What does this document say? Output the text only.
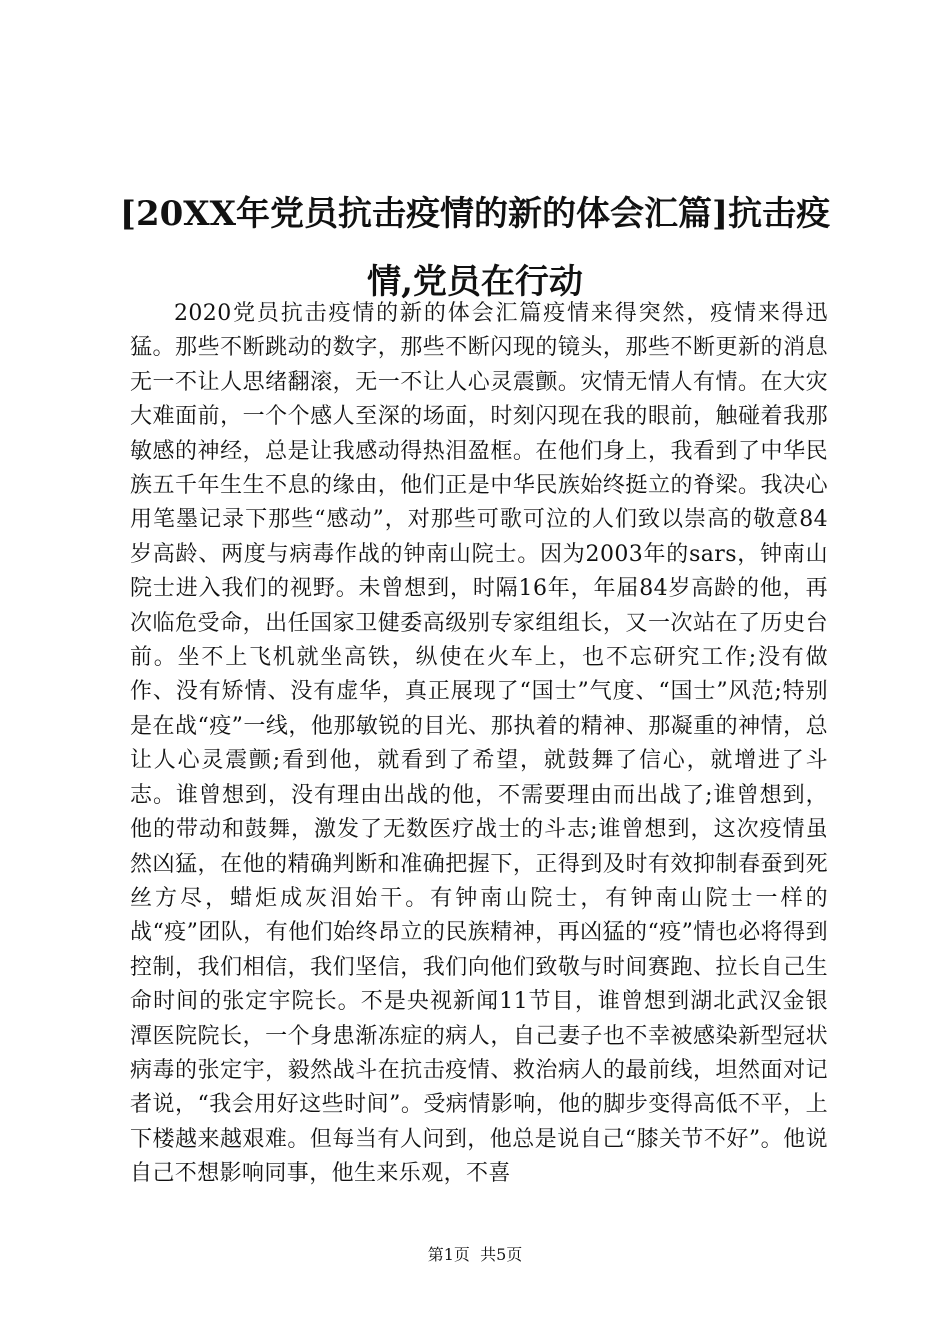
[20XX年党员抗击疫情的新的体会汇篇]抗击疫情,党员在行动

2020党员抗击疫情的新的体会汇篇疫情来得突然，疫情来得迅猛。那些不断跳动的数字，那些不断闪现的镜头，那些不断更新的消息无一不让人思绪翻滚，无一不让人心灵震颤。灾情无情人有情。在大灾大难面前，一个个感人至深的场面，时刻闪现在我的眼前，触碰着我那敏感的神经，总是让我感动得热泪盈框。在他们身上，我看到了中华民族五千年生生不息的缘由，他们正是中华民族始终挺立的脊梁。我决心用笔墨记录下那些“感动”，对那些可歌可泣的人们致以崇高的敬意84岁高龄、两度与病毒作战的钟南山院士。因为2003年的sars，钟南山院士进入我们的视野。未曾想到，时隔16年，年届84岁高龄的他，再次临危受命，出任国家卫健委高级别专家组组长，又一次站在了历史台前。坐不上飞机就坐高铁，纵使在火车上，也不忘研究工作;没有做作、没有矫情、没有虚华，真正展现了“国士”气度、“国士”风范;特别是在战“疫”一线，他那敏锐的目光、那执着的精神、那凝重的神情，总让人心灵震颤;看到他，就看到了希望，就鼓舞了信心，就增进了斗志。谁曾想到，没有理由出战的他，不需要理由而出战了;谁曾想到，他的带动和鼓舞，激发了无数医疗战士的斗志;谁曾想到，这次疫情虽然凶猛，在他的精确判断和准确把握下，正得到及时有效抑制春蚕到死丝方尽，蜡炬成灰泪始干。有钟南山院士，有钟南山院士一样的战“疫”团队，有他们始终昂立的民族精神，再凶猛的“疫”情也必将得到控制，我们相信，我们坚信，我们向他们致敬与时间赛跑、拉长自己生命时间的张定宇院长。不是央视新闻11节目，谁曾想到湖北武汉金银潭医院院长，一个身患渐冻症的病人，自己妻子也不幸被感染新型冠状病毒的张定宇，毅然战斗在抗击疫情、救治病人的最前线，坦然面对记者说，“我会用好这些时间”。受病情影响，他的脚步变得高低不平，上下楼越来越艰难。但每当有人问到，他总是说自己“膝关节不好”。他说自己不想影响同事，他生来乐观，不喜

第1页 共5页
